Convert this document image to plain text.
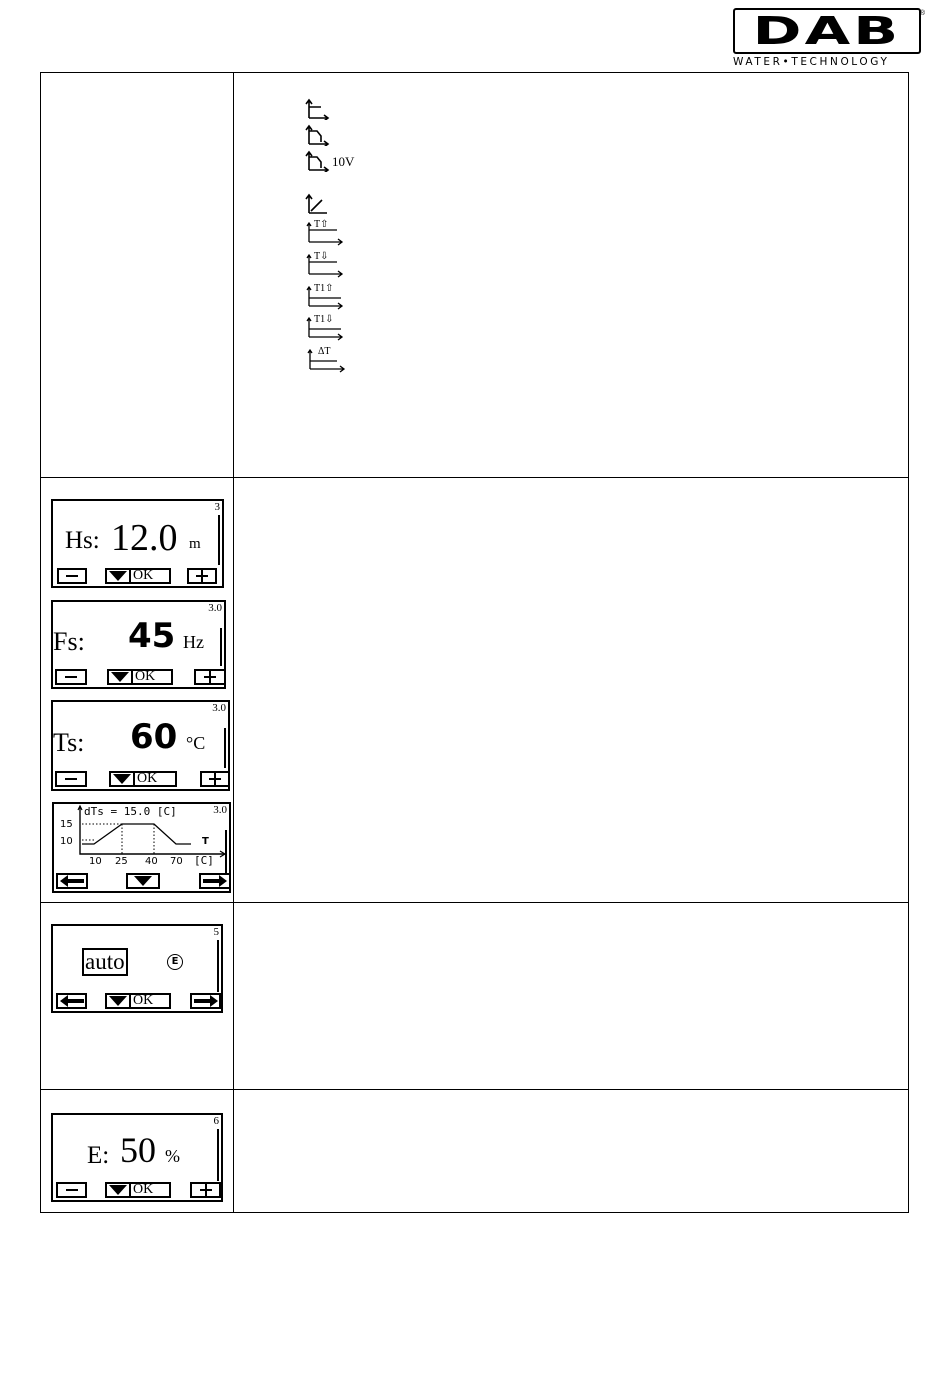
DAB	®
WATER•TECHNOLOGY
10V
T⇧
T⇩
T1⇧
T1⇩
ΔT
3
Hs: 12.0 m
OK
3.0
Fs: 45 Hz
OK
3.0
Ts: 60 °C
OK
3.0
dTs = 15.0 [C]
15
10	T
10 25 40 70 [C]
5
auto	E
OK
6
E: 50 %
OK
